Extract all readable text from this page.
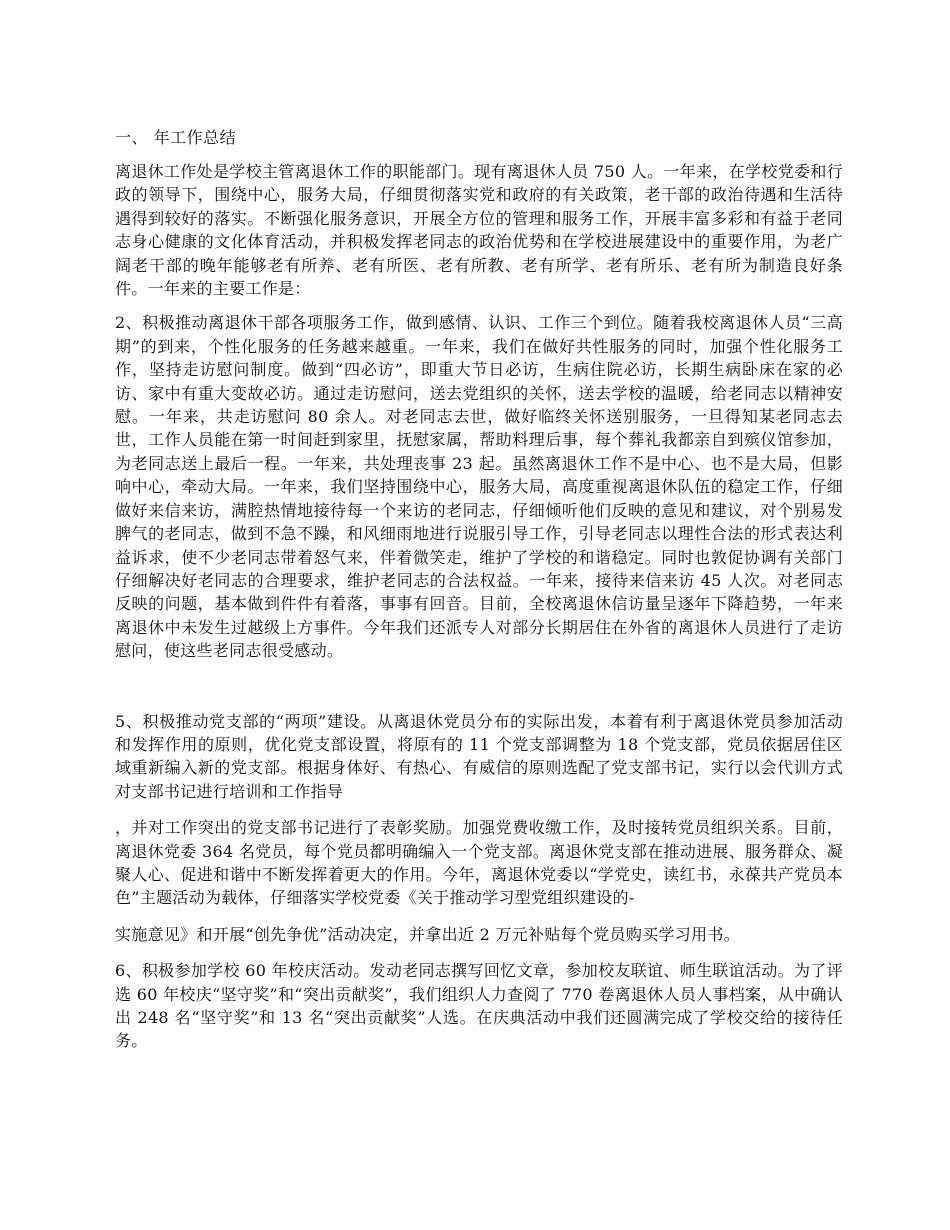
一、 年工作总结

离退休工作处是学校主管离退休工作的职能部门。现有离退休人员 750 人。一年来，在学校党委和行政的领导下，围绕中心，服务大局，仔细贯彻落实党和政府的有关政策，老干部的政治待遇和生活待遇得到较好的落实。不断强化服务意识，开展全方位的管理和服务工作，开展丰富多彩和有益于老同志身心健康的文化体育活动，并积极发挥老同志的政治优势和在学校进展建设中的重要作用，为老广阔老干部的晚年能够老有所养、老有所医、老有所教、老有所学、老有所乐、老有所为制造良好条件。一年来的主要工作是：

2、积极推动离退休干部各项服务工作，做到感情、认识、工作三个到位。随着我校离退休人员“三高期”的到来，个性化服务的任务越来越重。一年来，我们在做好共性服务的同时，加强个性化服务工作，坚持走访慰问制度。做到“四必访”，即重大节日必访，生病住院必访，长期生病卧床在家的必访、家中有重大变故必访。通过走访慰问，送去党组织的关怀，送去学校的温暖，给老同志以精神安慰。一年来，共走访慰问 80 余人。对老同志去世，做好临终关怀送别服务，一旦得知某老同志去世，工作人员能在第一时间赶到家里，抚慰家属，帮助料理后事，每个葬礼我都亲自到殡仪馆参加，为老同志送上最后一程。一年来，共处理丧事 23 起。虽然离退休工作不是中心、也不是大局，但影响中心，牵动大局。一年来，我们坚持围绕中心，服务大局，高度重视离退休队伍的稳定工作，仔细做好来信来访，满腔热情地接待每一个来访的老同志，仔细倾听他们反映的意见和建议，对个别易发脾气的老同志，做到不急不躁，和风细雨地进行说服引导工作，引导老同志以理性合法的形式表达利益诉求，使不少老同志带着怒气来，伴着微笑走，维护了学校的和谐稳定。同时也敦促协调有关部门仔细解决好老同志的合理要求，维护老同志的合法权益。一年来，接待来信来访 45 人次。对老同志反映的问题，基本做到件件有着落，事事有回音。目前，全校离退休信访量呈逐年下降趋势，一年来离退休中未发生过越级上方事件。今年我们还派专人对部分长期居住在外省的离退休人员进行了走访慰问，使这些老同志很受感动。

5、积极推动党支部的“两项”建设。从离退休党员分布的实际出发，本着有利于离退休党员参加活动和发挥作用的原则，优化党支部设置，将原有的 11 个党支部调整为 18 个党支部，党员依据居住区域重新编入新的党支部。根据身体好、有热心、有威信的原则选配了党支部书记，实行以会代训方式对支部书记进行培训和工作指导

，并对工作突出的党支部书记进行了表彰奖励。加强党费收缴工作，及时接转党员组织关系。目前，离退休党委 364 名党员，每个党员都明确编入一个党支部。离退休党支部在推动进展、服务群众、凝聚人心、促进和谐中不断发挥着更大的作用。今年，离退休党委以“学党史，读红书，永葆共产党员本色”主题活动为载体，仔细落实学校党委《关于推动学习型党组织建设的-

实施意见》和开展“创先争优”活动决定，并拿出近 2 万元补贴每个党员购买学习用书。

6、积极参加学校 60 年校庆活动。发动老同志撰写回忆文章，参加校友联谊、师生联谊活动。为了评选 60 年校庆“坚守奖”和“突出贡献奖”，我们组织人力查阅了 770 卷离退休人员人事档案，从中确认出 248 名“坚守奖”和 13 名“突出贡献奖”人选。在庆典活动中我们还圆满完成了学校交给的接待任务。
